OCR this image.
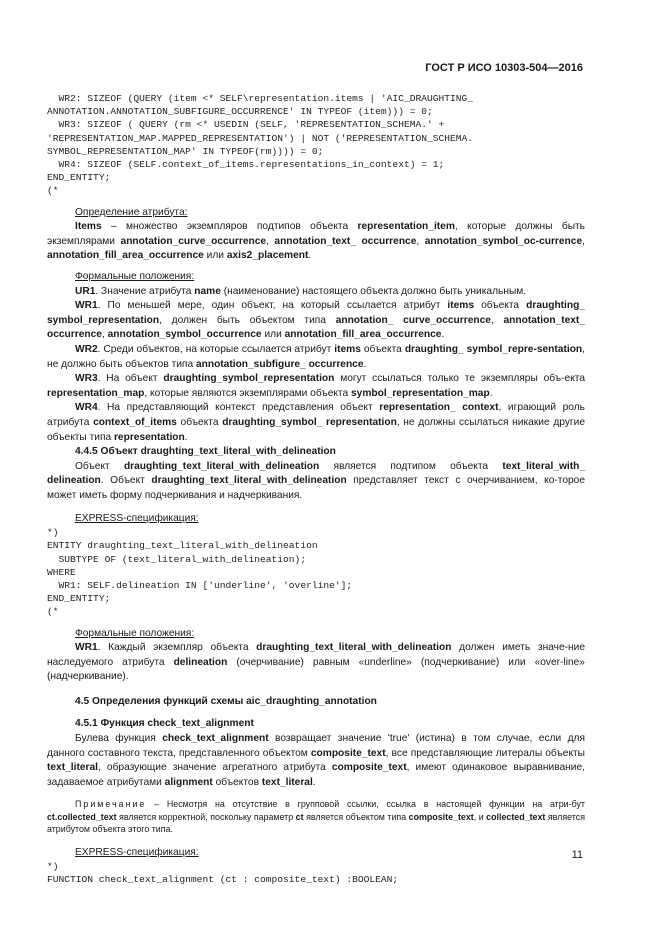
ГОСТ Р ИСО 10303-504—2016
WR2: SIZEOF (QUERY (item <* SELF\representation.items | 'AIC_DRAUGHTING_
ANNOTATION.ANNOTATION_SUBFIGURE_OCCURRENCE' IN TYPEOF (item))) = 0;
WR3: SIZEOF ( QUERY (rm <* USEDIN (SELF, 'REPRESENTATION_SCHEMA.' +
'REPRESENTATION_MAP.MAPPED_REPRESENTATION') | NOT ('REPRESENTATION_SCHEMA.
SYMBOL_REPRESENTATION_MAP' IN TYPEOF(rm)))) = 0;
WR4: SIZEOF (SELF.context_of_items.representations_in_context) = 1;
END_ENTITY;
(*

Определение атрибута:

Items – множество экземпляров подтипов объекта representation_item, которые должны быть экземплярами annotation_curve_occurrence, annotation_text_ occurrence, annotation_symbol_oc-currence, annotation_fill_area_occurrence или axis2_placement.

Формальные положения:

UR1. Значение атрибута name (наименование) настоящего объекта должно быть уникальным.

WR1. По меньшей мере, один объект, на который ссылается атрибут items объекта draughting_ symbol_representation, должен быть объектом типа annotation_ curve_occurrence, annotation_text_ occurrence, annotation_symbol_occurrence или annotation_fill_area_occurrence.

WR2. Среди объектов, на которые ссылается атрибут items объекта draughting_ symbol_repre-sentation, не должно быть объектов типа annotation_subfigure_ occurrence.

WR3. На объект draughting_symbol_representation могут ссылаться только те экземпляры объ-екта representation_map, которые являются экземплярами объекта symbol_representation_map.

WR4. На представляющий контекст представления объект representation_ context, играющий роль атрибута context_of_items объекта draughting_symbol_ representation, не должны ссылаться никакие другие объекты типа representation.

4.4.5 Объект draughting_text_literal_with_delineation

Объект draughting_text_literal_with_delineation является подтипом объекта text_literal_with_ delineation. Объект draughting_text_literal_with_delineation представляет текст с очерчиванием, ко-торое может иметь форму подчеркивания и надчеркивания.

EXPRESS-спецификация:

*)
ENTITY draughting_text_literal_with_delineation
SUBTYPE OF (text_literal_with_delineation);
WHERE
WR1: SELF.delineation IN ['underline', 'overline'];
END_ENTITY;
(*

Формальные положения:

WR1. Каждый экземпляр объекта draughting_text_literal_with_delineation должен иметь значе-ние наследуемого атрибута delineation (очерчивание) равным «underline» (подчеркивание) или «over-line» (надчеркивание).

4.5 Определения функций схемы aic_draughting_annotation

4.5.1 Функция check_text_alignment

Булева функция check_text_alignment возвращает значение 'true' (истина) в том случае, если для данного составного текста, представленного объектом composite_text, все представляющие литералы объекты text_literal, образующие значение агрегатного атрибута composite_text, имеют одинаковое выравнивание, задаваемое атрибутами alignment объектов text_literal.

Примечание – Несмотря на отсутствие в групповой ссылки, ссылка в настоящей функции на атри-бут ct.collected_text является корректной, поскольку параметр ct является объектом типа composite_text, и collected_text является атрибутом объекта этого типа.

EXPRESS-спецификация:

*)
FUNCTION check_text_alignment (ct : composite_text) :BOOLEAN;
11
